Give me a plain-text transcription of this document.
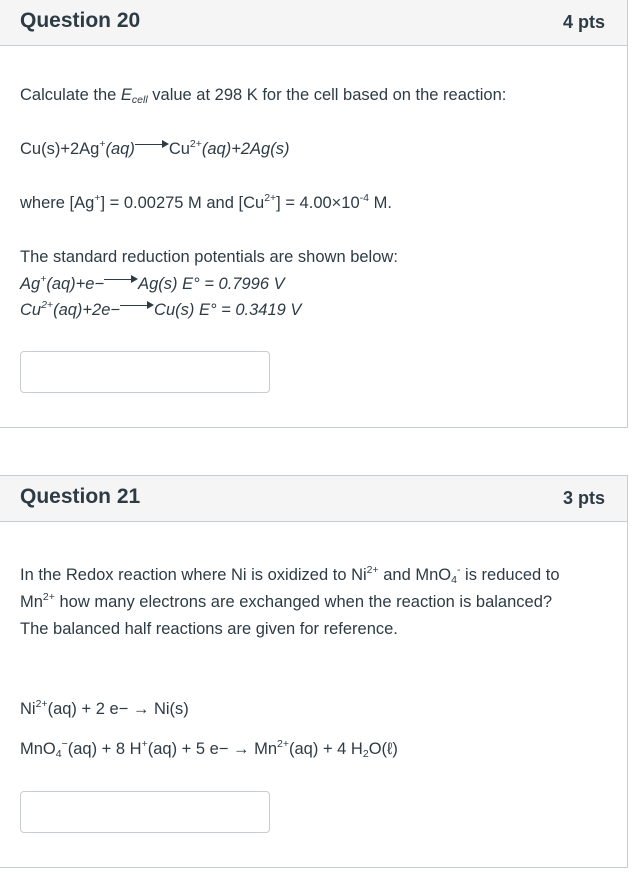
Question 20	4 pts
Calculate the $E_{cell}$ value at 298 K for the cell based on the reaction:
Cu(s)+2Ag+(aq) $Cu^{2+}(aq)+2Ag(s)$
where [Ag+] = 0.00275 M and $[Cu^{2+}] = 4.00\times 10^{-4}$ M.
The standard reduction potentials are shown below:
Ag+(aq)+e− Ag(s) E° = 0.7996 V
$Cu^{2+}(aq)+2e- Cu(s) E^\circ = 0.3419$ V
Question 21	3 pts
In the Redox reaction where Ni is oxidized to $Ni^{2+}$ and MnO$_4$- is reduced to
$Mn^{2+}$ how many electrons are exchanged when the reaction is balanced?
The balanced half reactions are given for reference.
$Ni^{2+}(aq) + 2$ e− → Ni(s)
MnO$_4$−(aq) + 8 H+(aq) + 5 $e- \to Mn^{2+}(aq) + 4$ $H_2O(\ell)$
